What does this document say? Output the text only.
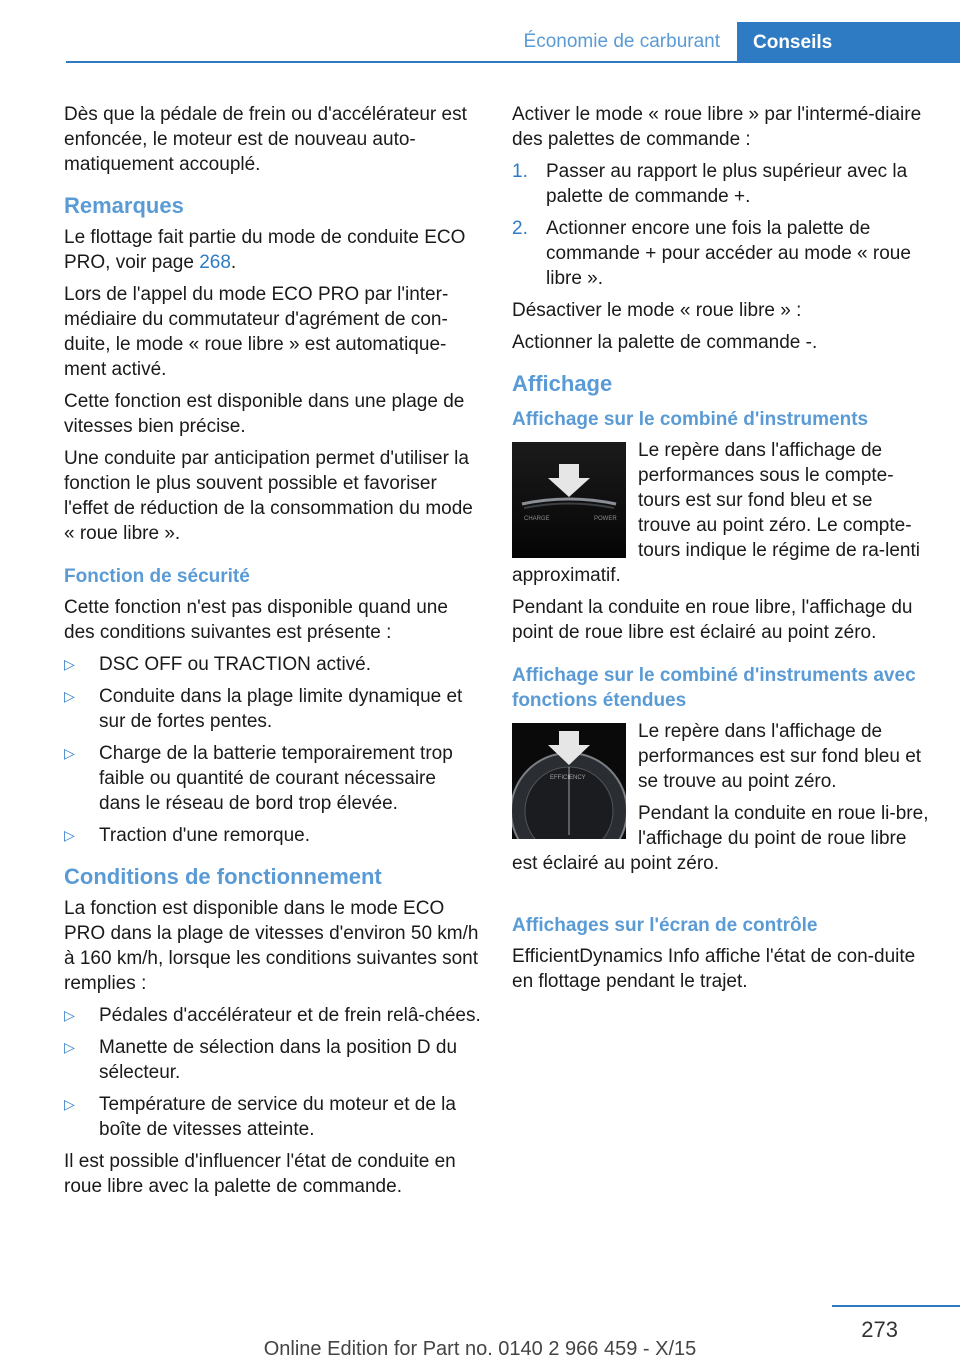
Économie de carburant Conseils

Dès que la pédale de frein ou d'accélérateur est enfoncée, le moteur est de nouveau auto-matiquement accouplé.

Remarques

Le flottage fait partie du mode de conduite ECO PRO, voir page 268.

Lors de l'appel du mode ECO PRO par l'inter-médiaire du commutateur d'agrément de con-duite, le mode « roue libre » est automatique-ment activé.

Cette fonction est disponible dans une plage de vitesses bien précise.

Une conduite par anticipation permet d'utiliser la fonction le plus souvent possible et favoriser l'effet de réduction de la consommation du mode « roue libre ».

Fonction de sécurité

Cette fonction n'est pas disponible quand une des conditions suivantes est présente :

▷ DSC OFF ou TRACTION activé.
▷ Conduite dans la plage limite dynamique et sur de fortes pentes.
▷ Charge de la batterie temporairement trop faible ou quantité de courant nécessaire dans le réseau de bord trop élevée.
▷ Traction d'une remorque.
Conditions de fonctionnement

La fonction est disponible dans le mode ECO PRO dans la plage de vitesses d'environ 50 km/h à 160 km/h, lorsque les conditions suivantes sont remplies :

▷ Pédales d'accélérateur et de frein relâ-chées.
▷ Manette de sélection dans la position D du sélecteur.
▷ Température de service du moteur et de la boîte de vitesses atteinte.

Il est possible d'influencer l'état de conduite en roue libre avec la palette de commande.

Activer le mode « roue libre » par l'intermé-diaire des palettes de commande :

1. Passer au rapport le plus supérieur avec la palette de commande +.
2. Actionner encore une fois la palette de commande + pour accéder au mode « roue libre ».

Désactiver le mode « roue libre » :

Actionner la palette de commande -.

Affichage
Affichage sur le combiné d'instruments
CHARGE	POWER

Le repère dans l'affichage de performances sous le compte-tours est sur fond bleu et se trouve au point zéro. Le compte-tours indique le régime de ra-lenti approximatif.

Pendant la conduite en roue libre, l'affichage du point de roue libre est éclairé au point zéro.

Affichage sur le combiné d'instruments avec fonctions étendues
EFFICIENCY

Le repère dans l'affichage de performances est sur fond bleu et se trouve au point zéro.

Pendant la conduite en roue li-bre, l'affichage du point de roue libre est éclairé au point zéro.

Affichages sur l'écran de contrôle

EfficientDynamics Info affiche l'état de con-duite en flottage pendant le trajet.

273
Online Edition for Part no. 0140 2 966 459 - X/15
